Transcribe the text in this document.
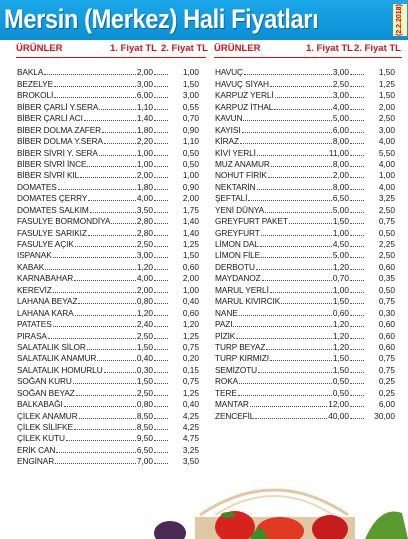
Mersin (Merkez) Hali Fiyatları	(2.2.2018)
ÜRÜNLER	1. Fiyat TL 2. Fiyat TL ÜRÜNLER	1. Fiyat TL 2. Fiyat TL
BAKLA	2,00	1,00
BEZELYE	3,00	1,50
BROKOLİ	6,00	3,00
BİBER ÇARLİ Y.SERA	1,10	0,55
BİBER ÇARLİ ACI	1,40	0,70
BİBER DOLMA ZAFER	1,80	0,90
BİBER DOLMA Y.SERA	2,20	1,10
BİBER SİVRİ Y. SERA	1,00	0,50
BİBER SİVRİ İNCE	1,00	0,50
BİBER SİVRİ KIL	2,00	1,00
DOMATES	1,80	0,90
DOMATES ÇERRY	4,00	2,00
DOMATES SALKIM	3,50	1,75
FASULYE BORMONDİYA	2,80	1,40
FASULYE SARIKIZ	2,80	1,40
FASULYE AÇIK	2,50	1,25
ISPANAK	3,00	1,50
KABAK	1,20	0,60
KARNABAHAR	4,00	2,00
KEREVİZ	2,00	1,00
LAHANA BEYAZ	0,80	0,40
LAHANA KARA	1,20	0,60
PATATES	2,40	1,20
PIRASA	2,50	1,25
SALATALIK SİLOR	1,50	0,75
SALATALIK ANAMUR	0,40	0,20
SALATALIK HOMURLU	0,30	0,15
SOĞAN KURU	1,50	0,75
SOĞAN BEYAZ	2,50	1,25
BALKABAĞI	0,80	0,40
ÇİLEK ANAMUR	8,50	4,25
ÇİLEK SİLİFKE	8,50	4,25
ÇİLEK KUTU	9,50	4,75
ERİK CAN	6,50	3,25
ENGİNAR	7,00	3,50
HAVUÇ	3,00	1,50
HAVUÇ SİYAH	2,50	1,25
KARPUZ YERLİ	3,00	1,50
KARPUZ İTHAL	4,00	2,00
KAVUN	5,00	2,50
KAYISI	6,00	3,00
KİRAZ	8,00	4,00
KİVİ YERLİ	11,00	5,50
MUZ ANAMUR	8,00	4,00
NOHUT FİRİK	2,00	1,00
NEKTARİN	8,00	4,00
ŞEFTALİ	6,50	3,25
YENİ DÜNYA	5,00	2,50
GREYFURT PAKET	1,50	0,75
GREYFURT	1,00	0,50
LİMON DAL	4,50	2,25
LİMON FİLE	5,00	2,50
DERBOTU	1,20	0,60
MAYDANOZ	0,70	0,35
MARUL YERLİ	1,00	0,50
MARUL KIVIRCIK	1,50	0,75
NANE	0,60	0,30
PAZI	1,20	0,60
PİZİK	1,20	0,60
TURP BEYAZ	1,20	0,60
TURP KIRMIZI	1,50	0,75
SEMİZOTU	1,50	0,75
ROKA	0,50	0,25
TERE	0,50	0,25
MANTAR	12,00	6,00
ZENCEFİL	40,00	30,00
